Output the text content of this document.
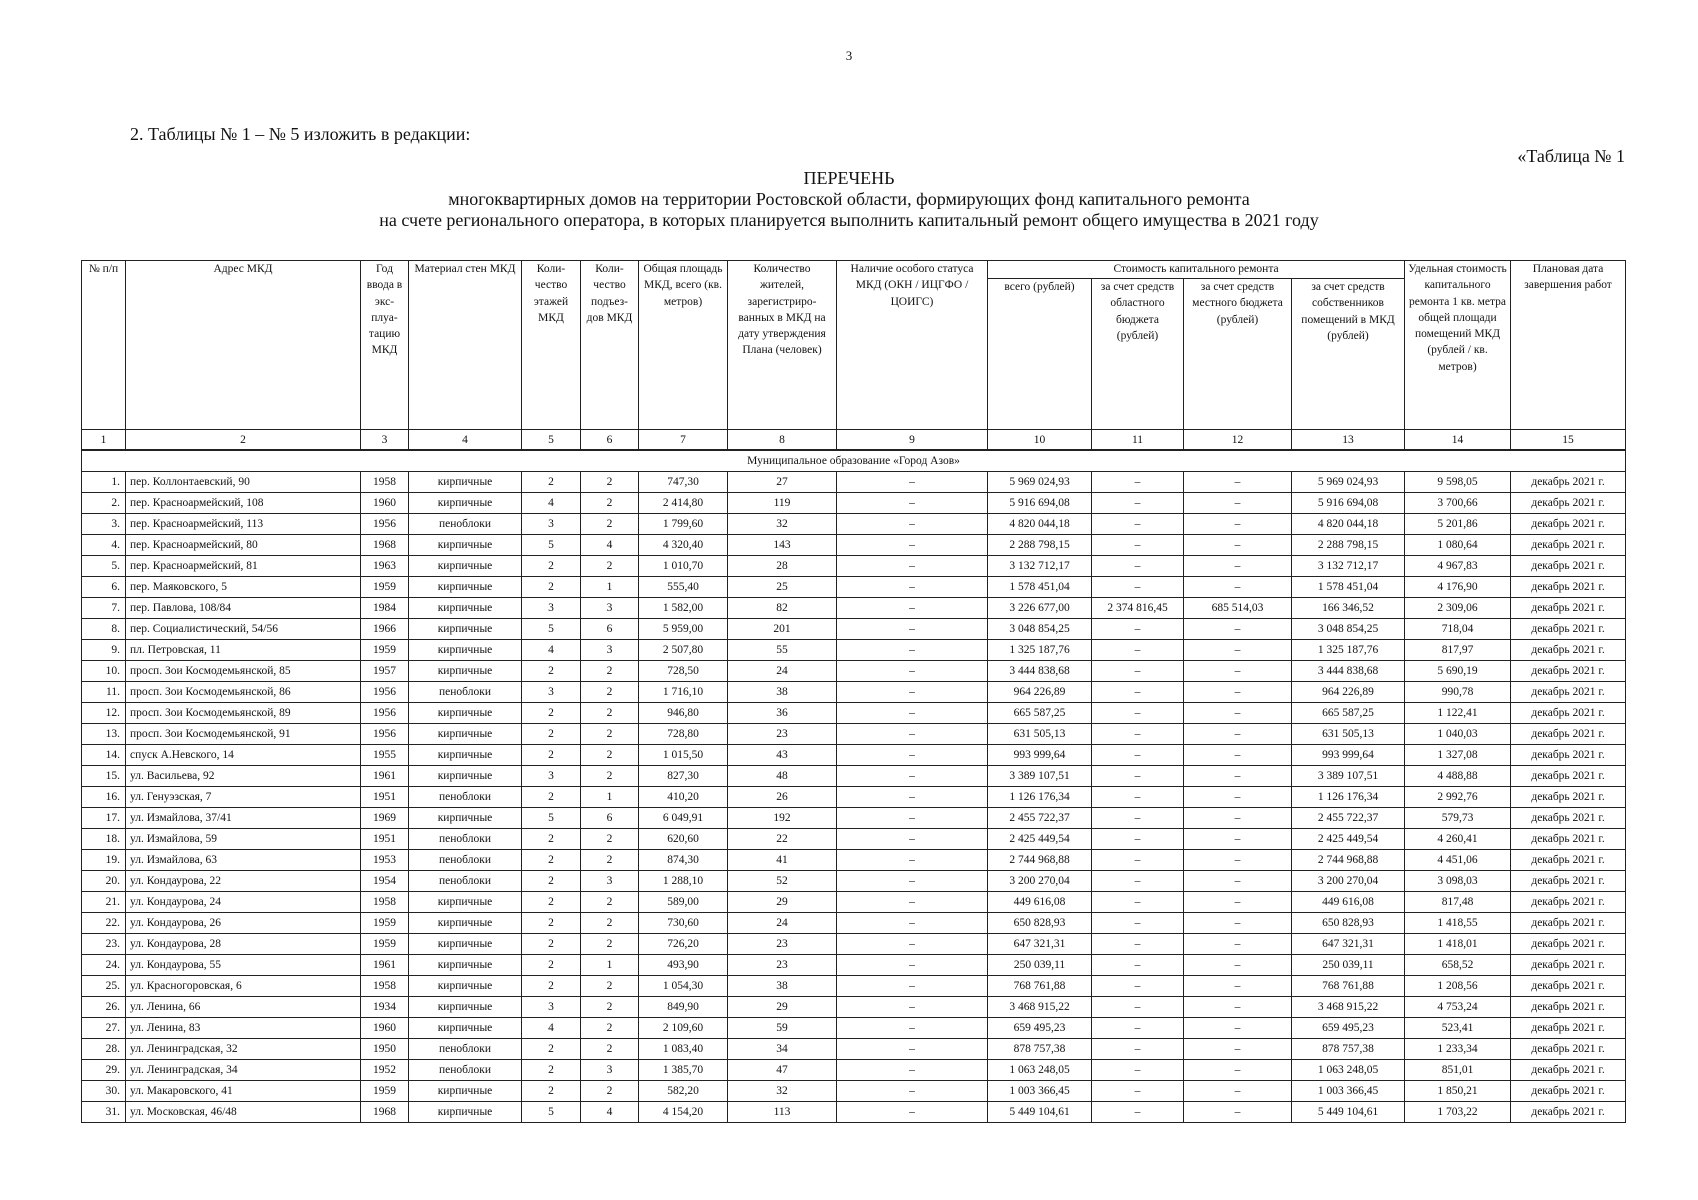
3
2. Таблицы № 1 – № 5 изложить в редакции:
«Таблица № 1
ПЕРЕЧЕНЬ
многоквартирных домов на территории Ростовской области, формирующих фонд капитального ремонта
на счете регионального оператора, в которых планируется выполнить капитальный ремонт общего имущества в 2021 году
№ п/п	Адрес МКД	Год ввода в экс-плуа-тацию МКД	Материал стен МКД	Коли-чество этажей МКД	Коли-чество подъез-дов МКД	Общая площадь МКД, всего (кв. метров)	Количество жителей, зарегистриро-ванных в МКД на дату утверждения Плана (человек)	Наличие особого статуса МКД (ОКН / ИЦГФО / ЦОИГС)	Стоимость капитального ремонта				Удельная стоимость капитального ремонта 1 кв. метра общей площади помещений МКД (рублей / кв. метров)	Плановая дата завершения работ
									всего (рублей)	за счет средств областного бюджета (рублей)	за счет средств местного бюджета (рублей)	за счет средств собственников помещений в МКД (рублей)		
1	2	3	4	5	6	7	8	9	10	11	12	13	14	15
Муниципальное образование «Город Азов»														
1.	пер. Коллонтаевский, 90	1958	кирпичные	2	2	747,30	27	–	5 969 024,93	–	–	5 969 024,93	9 598,05	декабрь 2021 г.
2.	пер. Красноармейский, 108	1960	кирпичные	4	2	2 414,80	119	–	5 916 694,08	–	–	5 916 694,08	3 700,66	декабрь 2021 г.
3.	пер. Красноармейский, 113	1956	пеноблоки	3	2	1 799,60	32	–	4 820 044,18	–	–	4 820 044,18	5 201,86	декабрь 2021 г.
4.	пер. Красноармейский, 80	1968	кирпичные	5	4	4 320,40	143	–	2 288 798,15	–	–	2 288 798,15	1 080,64	декабрь 2021 г.
5.	пер. Красноармейский, 81	1963	кирпичные	2	2	1 010,70	28	–	3 132 712,17	–	–	3 132 712,17	4 967,83	декабрь 2021 г.
6.	пер. Маяковского, 5	1959	кирпичные	2	1	555,40	25	–	1 578 451,04	–	–	1 578 451,04	4 176,90	декабрь 2021 г.
7.	пер. Павлова, 108/84	1984	кирпичные	3	3	1 582,00	82	–	3 226 677,00	2 374 816,45	685 514,03	166 346,52	2 309,06	декабрь 2021 г.
8.	пер. Социалистический, 54/56	1966	кирпичные	5	6	5 959,00	201	–	3 048 854,25	–	–	3 048 854,25	718,04	декабрь 2021 г.
9.	пл. Петровская, 11	1959	кирпичные	4	3	2 507,80	55	–	1 325 187,76	–	–	1 325 187,76	817,97	декабрь 2021 г.
10.	просп. Зои Космодемьянской, 85	1957	кирпичные	2	2	728,50	24	–	3 444 838,68	–	–	3 444 838,68	5 690,19	декабрь 2021 г.
11.	просп. Зои Космодемьянской, 86	1956	пеноблоки	3	2	1 716,10	38	–	964 226,89	–	–	964 226,89	990,78	декабрь 2021 г.
12.	просп. Зои Космодемьянской, 89	1956	кирпичные	2	2	946,80	36	–	665 587,25	–	–	665 587,25	1 122,41	декабрь 2021 г.
13.	просп. Зои Космодемьянской, 91	1956	кирпичные	2	2	728,80	23	–	631 505,13	–	–	631 505,13	1 040,03	декабрь 2021 г.
14.	спуск А.Невского, 14	1955	кирпичные	2	2	1 015,50	43	–	993 999,64	–	–	993 999,64	1 327,08	декабрь 2021 г.
15.	ул. Васильева, 92	1961	кирпичные	3	2	827,30	48	–	3 389 107,51	–	–	3 389 107,51	4 488,88	декабрь 2021 г.
16.	ул. Генуэзская, 7	1951	пеноблоки	2	1	410,20	26	–	1 126 176,34	–	–	1 126 176,34	2 992,76	декабрь 2021 г.
17.	ул. Измайлова, 37/41	1969	кирпичные	5	6	6 049,91	192	–	2 455 722,37	–	–	2 455 722,37	579,73	декабрь 2021 г.
18.	ул. Измайлова, 59	1951	пеноблоки	2	2	620,60	22	–	2 425 449,54	–	–	2 425 449,54	4 260,41	декабрь 2021 г.
19.	ул. Измайлова, 63	1953	пеноблоки	2	2	874,30	41	–	2 744 968,88	–	–	2 744 968,88	4 451,06	декабрь 2021 г.
20.	ул. Кондаурова, 22	1954	пеноблоки	2	3	1 288,10	52	–	3 200 270,04	–	–	3 200 270,04	3 098,03	декабрь 2021 г.
21.	ул. Кондаурова, 24	1958	кирпичные	2	2	589,00	29	–	449 616,08	–	–	449 616,08	817,48	декабрь 2021 г.
22.	ул. Кондаурова, 26	1959	кирпичные	2	2	730,60	24	–	650 828,93	–	–	650 828,93	1 418,55	декабрь 2021 г.
23.	ул. Кондаурова, 28	1959	кирпичные	2	2	726,20	23	–	647 321,31	–	–	647 321,31	1 418,01	декабрь 2021 г.
24.	ул. Кондаурова, 55	1961	кирпичные	2	1	493,90	23	–	250 039,11	–	–	250 039,11	658,52	декабрь 2021 г.
25.	ул. Красногоровская, 6	1958	кирпичные	2	2	1 054,30	38	–	768 761,88	–	–	768 761,88	1 208,56	декабрь 2021 г.
26.	ул. Ленина, 66	1934	кирпичные	3	2	849,90	29	–	3 468 915,22	–	–	3 468 915,22	4 753,24	декабрь 2021 г.
27.	ул. Ленина, 83	1960	кирпичные	4	2	2 109,60	59	–	659 495,23	–	–	659 495,23	523,41	декабрь 2021 г.
28.	ул. Ленинградская, 32	1950	пеноблоки	2	2	1 083,40	34	–	878 757,38	–	–	878 757,38	1 233,34	декабрь 2021 г.
29.	ул. Ленинградская, 34	1952	пеноблоки	2	3	1 385,70	47	–	1 063 248,05	–	–	1 063 248,05	851,01	декабрь 2021 г.
30.	ул. Макаровского, 41	1959	кирпичные	2	2	582,20	32	–	1 003 366,45	–	–	1 003 366,45	1 850,21	декабрь 2021 г.
31.	ул. Московская, 46/48	1968	кирпичные	5	4	4 154,20	113	–	5 449 104,61	–	–	5 449 104,61	1 703,22	декабрь 2021 г.
